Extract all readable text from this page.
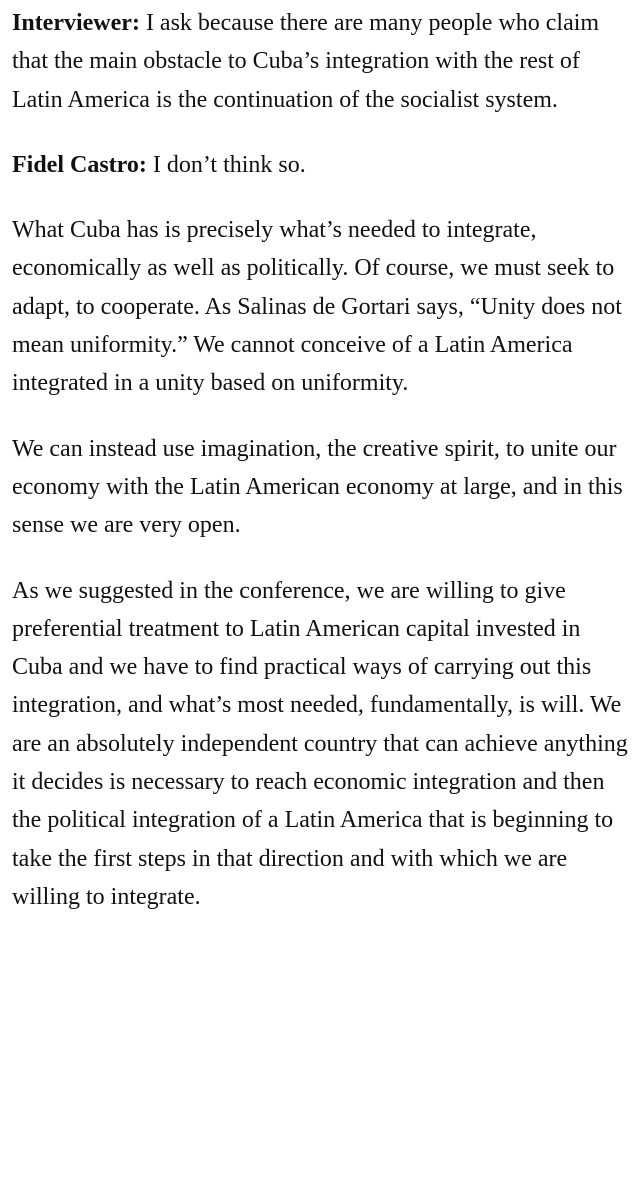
Interviewer: I ask because there are many people who claim that the main obstacle to Cuba’s integration with the rest of Latin America is the continuation of the socialist system.

Fidel Castro: I don’t think so.

What Cuba has is precisely what’s needed to integrate, economically as well as politically. Of course, we must seek to adapt, to cooperate. As Salinas de Gortari says, “Unity does not mean uniformity.” We cannot conceive of a Latin America integrated in a unity based on uniformity.

We can instead use imagination, the creative spirit, to unite our economy with the Latin American economy at large, and in this sense we are very open.

As we suggested in the conference, we are willing to give preferential treatment to Latin American capital invested in Cuba and we have to find practical ways of carrying out this integration, and what’s most needed, fundamentally, is will. We are an absolutely independent country that can achieve anything it decides is necessary to reach economic integration and then the political integration of a Latin America that is beginning to take the first steps in that direction and with which we are willing to integrate.
